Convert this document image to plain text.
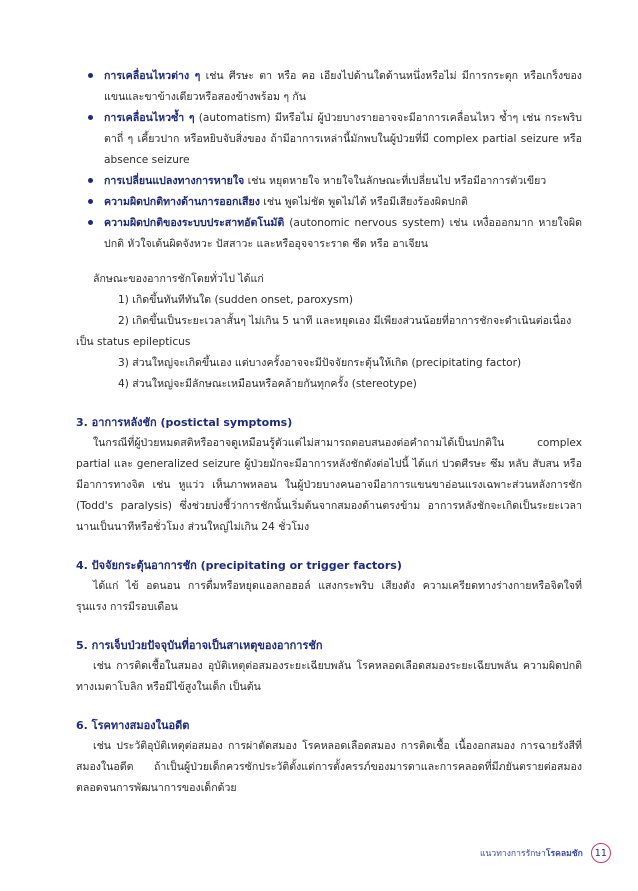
การเคลื่อนไหวต่าง ๆ เช่น ศีรษะ ตา หรือ คอ เอียงไปด้านใดด้านหนึ่งหรือไม่ มีการกระตุก หรือเกร็งของแขนและขาข้างเดียวหรือสองข้างพร้อม ๆ กัน
การเคลื่อนไหวซ้ำ ๆ (automatism) มีหรือไม่ ผู้ป่วยบางรายอาจจะมีอาการเคลื่อนไหว ซ้ำๆ เช่น กระพริบตาถี่ ๆ เคี้ยวปาก หรือหยิบจับสิ่งของ ถ้ามีอาการเหล่านี้มักพบในผู้ป่วยที่มี complex partial seizure หรือ absence seizure
การเปลี่ยนแปลงทางการหายใจ เช่น หยุดหายใจ หายใจในลักษณะที่เปลี่ยนไป หรือมีอาการตัวเขียว
ความผิดปกติทางด้านการออกเสียง เช่น พูดไม่ชัด พูดไม่ได้ หรือมีเสียงร้องผิดปกติ
ความผิดปกติของระบบประสาทอัตโนมัติ (autonomic nervous system) เช่น เหงื่อออกมาก หายใจผิดปกติ หัวใจเต้นผิดจังหวะ ปัสสาวะ และหรืออุจจาระราด ซีด หรือ อาเจียน
ลักษณะของอาการชักโดยทั่วไป ได้แก่
1) เกิดขึ้นทันทีทันใด (sudden onset, paroxysm)
2) เกิดขึ้นเป็นระยะเวลาสั้นๆ ไม่เกิน 5 นาที และหยุดเอง มีเพียงส่วนน้อยที่อาการชักจะดำเนินต่อเนื่อง
เป็น status epilepticus
3) ส่วนใหญ่จะเกิดขึ้นเอง แต่บางครั้งอาจจะมีปัจจัยกระตุ้นให้เกิด (precipitating factor)
4) ส่วนใหญ่จะมีลักษณะเหมือนหรือคล้ายกันทุกครั้ง (stereotype)
3. อาการหลังชัก (postictal symptoms)
ในกรณีที่ผู้ป่วยหมดสติหรืออาจดูเหมือนรู้ตัวแต่ไม่สามารถตอบสนองต่อคำถามได้เป็นปกติใน complex partial และ generalized seizure ผู้ป่วยมักจะมีอาการหลังชักดังต่อไปนี้ ได้แก่ ปวดศีรษะ ซึม หลับ สับสน หรือมีอาการทางจิต เช่น หูแว่ว เห็นภาพหลอน ในผู้ป่วยบางคนอาจมีอาการแขนขาอ่อนแรงเฉพาะส่วนหลังการชัก (Todd's paralysis) ซึ่งช่วยบ่งชี้ว่าการชักนั้นเริ่มต้นจากสมองด้านตรงข้าม อาการหลังชักจะเกิดเป็นระยะเวลานานเป็นนาทีหรือชั่วโมง ส่วนใหญ่ไม่เกิน 24 ชั่วโมง
4. ปัจจัยกระตุ้นอาการชัก (precipitating or trigger factors)
ได้แก่ ไข้ อดนอน การดื่มหรือหยุดแอลกอฮอล์ แสงกระพริบ เสียงดัง ความเครียดทางร่างกายหรือจิตใจที่รุนแรง การมีรอบเดือน
5. การเจ็บป่วยปัจจุบันที่อาจเป็นสาเหตุของอาการชัก
เช่น การติดเชื้อในสมอง อุบัติเหตุต่อสมองระยะเฉียบพลัน โรคหลอดเลือดสมองระยะเฉียบพลัน ความผิดปกติทางเมตาโบลิก หรือมีไข้สูงในเด็ก เป็นต้น
6. โรคทางสมองในอดีต
เช่น ประวัติอุบัติเหตุต่อสมอง การผ่าตัดสมอง โรคหลอดเลือดสมอง การติดเชื้อ เนื้องอกสมอง การฉายรังสีที่สมองในอดีต ถ้าเป็นผู้ป่วยเด็กควรซักประวัติตั้งแต่การตั้งครรภ์ของมารดาและการคลอดที่มีภยันตรายต่อสมอง ตลอดจนการพัฒนาการของเด็กด้วย
แนวทางการรักษาโรคลมชัก	11
